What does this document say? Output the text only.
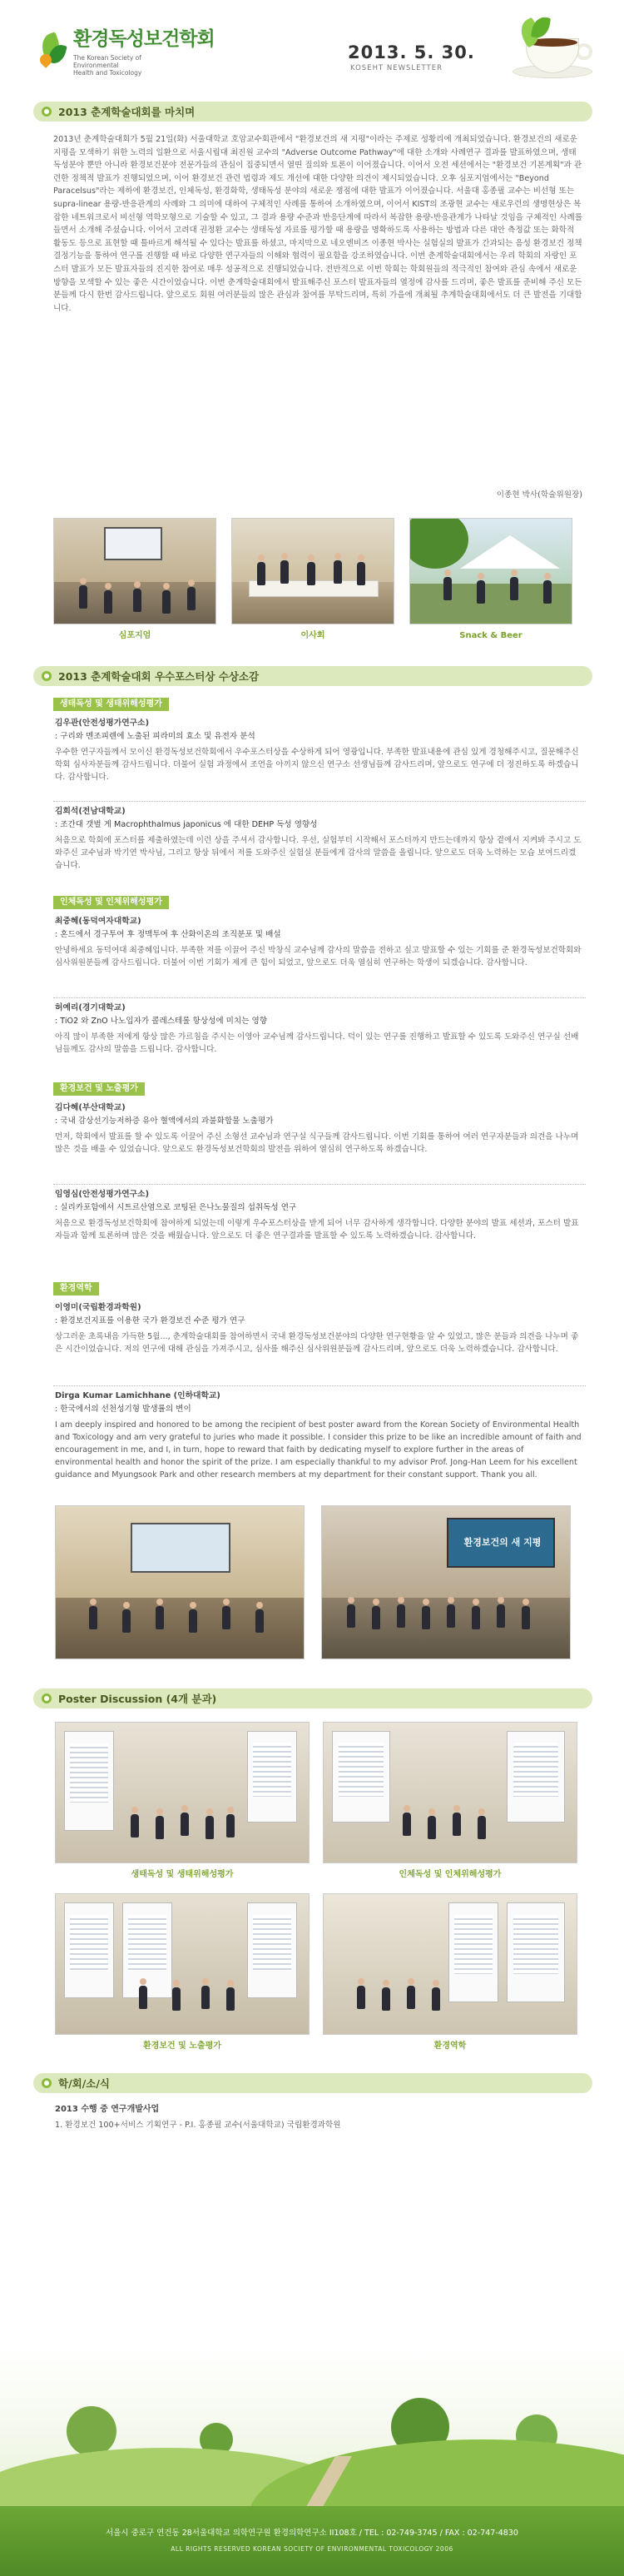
환경독성보건학회
The Korean Society of
Environmental
Health and Toxicology
2013. 5. 30.
KOSEHT NEWSLETTER
2013 춘계학술대회를 마치며
2013년 춘계학술대회가 5월 21일(화) 서울대학교 호암교수회관에서 "환경보건의 새 지평"이라는 주제로 성황리에 개최되었습니다. 환경보건의 새로운 지평을 모색하기 위한 노력의 일환으로 서울시립대 최진원 교수의 "Adverse Outcome Pathway"에 대한 소개와 사례연구 결과를 발표하였으며, 생태독성분야 뿐만 아니라 환경보건분야 전문가들의 관심이 집중되면서 열띤 질의와 토론이 이어졌습니다. 이어서 오전 세션에서는 "환경보건 기본계획"과 관련한 정책적 발표가 진행되었으며, 이어 환경보건 관련 법령과 제도 개선에 대한 다양한 의견이 제시되었습니다. 오후 심포지엄에서는 "Beyond Paracelsus"라는 제하에 환경보건, 인체독성, 환경화학, 생태독성 분야의 새로운 쟁점에 대한 발표가 이어졌습니다. 서울대 홍종필 교수는 비선형 또는 supra-linear 용량-반응관계의 사례와 그 의미에 대하여 구체적인 사례를 통하여 소개하였으며, 이어서 KIST의 조광현 교수는 새로우런의 생명현상은 복잡한 네트워크로서 비선형 역학모형으로 기술할 수 있고, 그 결과 용량 수준과 반응단계에 따라서 복잡한 용량-반응관계가 나타날 것임을 구체적인 사례를 들면서 소개해 주셨습니다. 이어서 고려대 권정환 교수는 생태독성 자료를 평가할 때 용량을 명확하도록 사용하는 방법과 다른 대안 측정값 또는 화학적 활동도 등으로 표현할 때 틀바르게 해석될 수 있다는 발표를 하셨고, 마지막으로 네오엔비즈 이종현 박사는 실험실의 발표가 간과되는 음성 환경보건 정책결정기능을 통하여 연구를 진행할 때 바로 다양한 연구자들의 이해와 협력이 필요함을 강조하였습니다. 이번 춘계학술대회에서는 우리 학회의 자랑인 포스터 발표가 모든 발표자들의 진지한 참여로 매우 성공적으로 진행되었습니다. 전반적으로 이번 학회는 학회원들의 적극적인 참여와 관심 속에서 새로운 방향을 모색할 수 있는 좋은 시간이었습니다. 이번 춘계학술대회에서 발표해주신 포스터 발표자들의 열정에 감사를 드리며, 좋은 발표를 준비해 주신 모든 분들께 다시 한번 감사드립니다. 앞으로도 회원 여러분들의 많은 관심과 참여를 부탁드리며, 특히 가을에 개최될 추계학술대회에서도 더 큰 발전을 기대합니다.
이종현 박사(학술위원장)
심포지엄	이사회	Snack & Beer
2013 춘계학술대회 우수포스터상 수상소감
생태독성 및 생태위해성평가
김우관(안전성평가연구소)
: 구리와 멘조피렌에 노출된 피라미의 효소 및 유전자 분석
우수한 연구자들께서 모이신 환경독성보건학회에서 우수포스터상을 수상하게 되어 영광입니다. 부족한 발표내용에 관심 있게 경청해주시고, 질문해주신 학회 심사자분들께 감사드립니다. 더불어 실험 과정에서 조언을 아끼지 않으신 연구소 선생님들께 감사드리며, 앞으로도 연구에 더 정진하도록 하겠습니다. 감사합니다.
김희석(전남대학교)
: 조간대 갯벌 게 Macrophthalmus japonicus 에 대한 DEHP 독성 영향성
처음으로 학회에 포스터를 제출하였는데 이런 상을 주셔서 감사합니다. 우선, 실험부터 시작해서 포스터까지 만드는데까지 항상 곁에서 지켜봐 주시고 도와주신 교수님과 박기연 박사님, 그리고 항상 뒤에서 저를 도와주신 실험실 분들에게 감사의 말씀을 올립니다. 앞으로도 더욱 노력하는 모습 보여드리겠습니다.
인체독성 및 인체위해성평가
최중혜(동덕여자대학교)
: 혼드에서 경구투여 후 정맥투여 후 산화이온의 조직분포 및 배설
안녕하세요 동덕여대 최중혜입니다. 부족한 저를 이끌어 주신 박창식 교수님께 감사의 말씀을 전하고 싶고 발표할 수 있는 기회를 준 환경독성보건학회와 심사위원분들께 감사드립니다. 더불어 이번 기회가 제게 큰 힘이 되었고, 앞으로도 더욱 열심히 연구하는 학생이 되겠습니다. 감사합니다.
허예리(경기대학교)
: TiO2 와 ZnO 나노입자가 콜레스테롤 항상성에 미치는 영향
아직 많이 부족한 저에게 항상 많은 가르침을 주시는 이영아 교수님께 감사드립니다. 덕이 있는 연구를 진행하고 발표할 수 있도록 도와주신 연구실 선배님들께도 감사의 말씀을 드립니다. 감사합니다.
환경보건 및 노출평가
김다혜(부산대학교)
: 국내 감상선기능저하증 유아 혈액에서의 과불화합물 노출평가
먼저, 학회에서 발표를 할 수 있도록 이끌어 주신 소형선 교수님과 연구실 식구들께 감사드립니다. 이번 기회를 통하여 여러 연구자분들과 의견을 나누며 많은 것을 배울 수 있었습니다. 앞으로도 환경독성보건학회의 발전을 위하여 열심히 연구하도록 하겠습니다.
임영심(안전성평가연구소)
: 실리카포함에서 시트르산염으로 코팅된 은나노물질의 섭취독성 연구
처음으로 환경독성보건학회에 참여하게 되었는데 이렇게 우수포스터상을 받게 되어 너무 감사하게 생각합니다. 다양한 분야의 발표 세션과, 포스터 발표자들과 함께 토론하며 많은 것을 배웠습니다. 앞으로도 더 좋은 연구결과를 발표할 수 있도록 노력하겠습니다. 감사합니다.
환경역학
이영미(국립환경과학원)
: 환경보건지표를 이용한 국가 환경보건 수준 평가 연구
상그러운 초록내음 가득한 5월..., 춘계학술대회를 참여하면서 국내 환경독성보건분야의 다양한 연구현황을 알 수 있었고, 많은 분들과 의견을 나누며 좋은 시간이었습니다. 저의 연구에 대해 관심을 가져주시고, 심사를 해주신 심사위원분들께 감사드리며, 앞으로도 더욱 노력하겠습니다. 감사합니다.
Dirga Kumar Lamichhane (인하대학교)
: 한국에서의 선천성기형 발생률의 변이
I am deeply inspired and honored to be among the recipient of best poster award from the Korean Society of Environmental Health and Toxicology and am very grateful to juries who made it possible. I consider this prize to be like an incredible amount of faith and encouragement in me, and I, in turn, hope to reward that faith by dedicating myself to explore further in the areas of environmental health and honor the spirit of the prize. I am especially thankful to my advisor Prof. Jong-Han Leem for his excellent guidance and Myungsook Park and other research members at my department for their constant support. Thank you all.
환경보건의 새 지평
Poster Discussion (4개 분과)
생태독성 및 생태위해성평가	인체독성 및 인체위해성평가
환경보건 및 노출평가	환경역학
학/회/소/식
2013 수행 중 연구개발사업
1. 환경보건 100+서비스 기획연구 - P.I. 홍종필 교수(서울대학교) 국립환경과학원
서울시 중로구 연건동 28서울대학교 의학연구원 환경의학연구소 II108호 / TEL : 02-749-3745 / FAX : 02-747-4830
ALL RIGHTS RESERVED KOREAN SOCIETY OF ENVIRONMENTAL TOXICOLOGY 2006
